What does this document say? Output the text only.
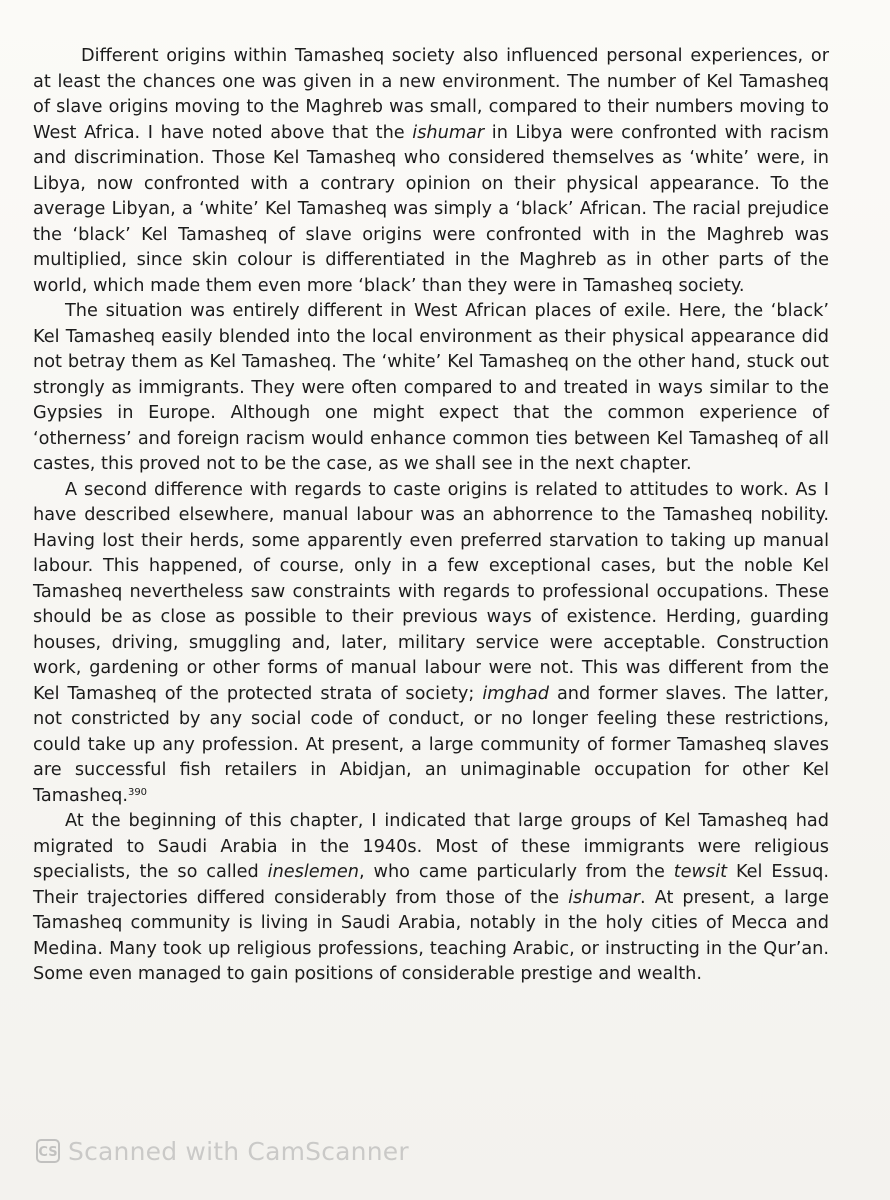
Different origins within Tamasheq society also influenced personal experiences, or at least the chances one was given in a new environment. The number of Kel Tamasheq of slave origins moving to the Maghreb was small, compared to their numbers moving to West Africa. I have noted above that the ishumar in Libya were confronted with racism and discrimination. Those Kel Tamasheq who considered themselves as ‘white’ were, in Libya, now confronted with a contrary opinion on their physical appearance. To the average Libyan, a ‘white’ Kel Tamasheq was simply a ‘black’ African. The racial prejudice the ‘black’ Kel Tamasheq of slave origins were confronted with in the Maghreb was multiplied, since skin colour is differentiated in the Maghreb as in other parts of the world, which made them even more ‘black’ than they were in Tamasheq society.

The situation was entirely different in West African places of exile. Here, the ‘black’ Kel Tamasheq easily blended into the local environment as their physical appearance did not betray them as Kel Tamasheq. The ‘white’ Kel Tamasheq on the other hand, stuck out strongly as immigrants. They were often compared to and treated in ways similar to the Gypsies in Europe. Although one might expect that the common experience of ‘otherness’ and foreign racism would enhance common ties between Kel Tamasheq of all castes, this proved not to be the case, as we shall see in the next chapter.

A second difference with regards to caste origins is related to attitudes to work. As I have described elsewhere, manual labour was an abhorrence to the Tamasheq nobility. Having lost their herds, some apparently even preferred starvation to taking up manual labour. This happened, of course, only in a few exceptional cases, but the noble Kel Tamasheq nevertheless saw constraints with regards to professional occupations. These should be as close as possible to their previous ways of existence. Herding, guarding houses, driving, smuggling and, later, military service were acceptable. Construction work, gardening or other forms of manual labour were not. This was different from the Kel Tamasheq of the protected strata of society; imghad and former slaves. The latter, not constricted by any social code of conduct, or no longer feeling these restrictions, could take up any profession. At present, a large community of former Tamasheq slaves are successful fish retailers in Abidjan, an unimaginable occupation for other Kel Tamasheq.$^{390}$

At the beginning of this chapter, I indicated that large groups of Kel Tamasheq had migrated to Saudi Arabia in the 1940s. Most of these immigrants were religious specialists, the so called ineslemen, who came particularly from the tewsit Kel Essuq. Their trajectories differed considerably from those of the ishumar. At present, a large Tamasheq community is living in Saudi Arabia, notably in the holy cities of Mecca and Medina. Many took up religious professions, teaching Arabic, or instructing in the Qur’an. Some even managed to gain positions of considerable prestige and wealth.

CS Scanned with CamScanner
